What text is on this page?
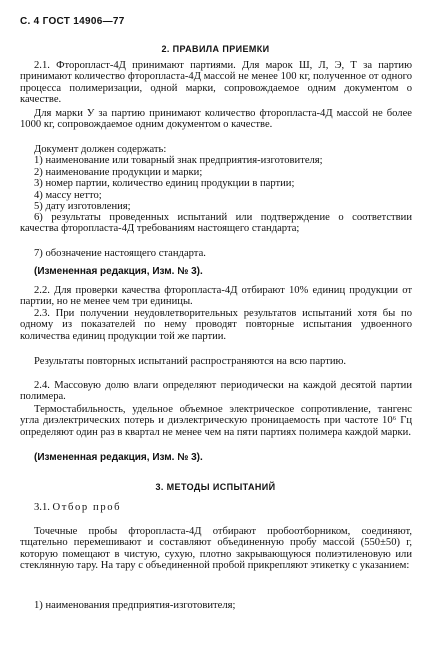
С. 4 ГОСТ 14906—77
2. ПРАВИЛА ПРИЕМКИ
2.1. Фторопласт-4Д принимают партиями. Для марок Ш, Л, Э, Т за партию принимают количество фторопласта-4Д массой не менее 100 кг, полученное от одного процесса полимеризации, одной марки, сопровождаемое одним документом о качестве.
Для марки У за партию принимают количество фторопласта-4Д массой не более 1000 кг, сопровождаемое одним документом о качестве.
Документ должен содержать:
1) наименование или товарный знак предприятия-изготовителя;
2) наименование продукции и марки;
3) номер партии, количество единиц продукции в партии;
4) массу нетто;
5) дату изготовления;
6) результаты проведенных испытаний или подтверждение о соответствии качества фторопласта-4Д требованиям настоящего стандарта;
7) обозначение настоящего стандарта.
(Измененная редакция, Изм. № 3).
2.2. Для проверки качества фторопласта-4Д отбирают 10% единиц продукции от партии, но не менее чем три единицы.
2.3. При получении неудовлетворительных результатов испытаний хотя бы по одному из показателей по нему проводят повторные испытания удвоенного количества единиц продукции той же партии.
Результаты повторных испытаний распространяются на всю партию.
2.4. Массовую долю влаги определяют периодически на каждой десятой партии полимера.
Термостабильность, удельное объемное электрическое сопротивление, тангенс угла диэлектрических потерь и диэлектрическую проницаемость при частоте 10⁶ Гц определяют один раз в квартал не менее чем на пяти партиях полимера каждой марки.
(Измененная редакция, Изм. № 3).
3. МЕТОДЫ ИСПЫТАНИЙ
3.1. Отбор проб
Точечные пробы фторопласта-4Д отбирают пробоотборником, соединяют, тщательно перемешивают и составляют объединенную пробу массой (550±50) г, которую помещают в чистую, сухую, плотно закрывающуюся полиэтиленовую или стеклянную тару. На тару с объединенной пробой прикрепляют этикетку с указанием:
1) наименования предприятия-изготовителя;
